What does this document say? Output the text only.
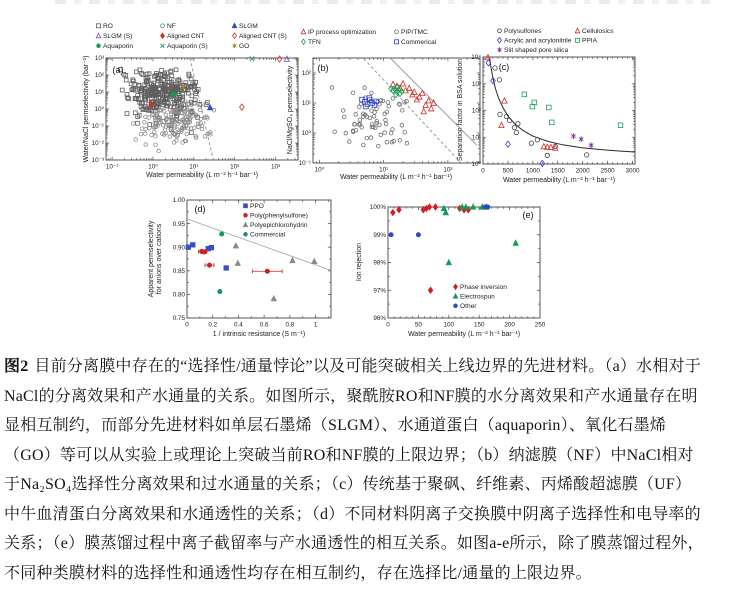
10⁻¹	10⁰	10¹	10²	10³
10³
10²
10¹
10⁰
10⁻¹
10⁻²
10⁻³
Water permeability (L m⁻² h⁻¹ bar⁻¹)
Water/NaCl permselectivity (bar⁻¹)	(a)
RO	NF	SLGM
SLGM (S)	Aligned CNT	Aligned CNT (S)
Aquaporin	Aquaporin (S)	GO
10⁰	10¹	10²
10²
10¹
10⁰
10⁻¹
Water permeability (L m⁻² h⁻¹ bar⁻¹)
NaCl/MgSO₄ permselectivity	(b)
IP process optimization	PIP/TMC
TFN	Commerical
0	500 1000 1500 2000 2500 3000
10⁴
10³
10²
10¹
10⁰
Water permeability (L m⁻² h⁻¹ bar⁻¹)
Separation factor in BSA solution	(c)
Polysulfones	Cellulosics
Acrylic and acrylonitrile PPIA
Slit shaped pore silica
0	0.2	0.4	0.6	0.8	1
1.00
0.95
0.90
0.85
0.80
0.75
1 / intrinsic resistance (S m⁻¹)
Apparent permselectivity for anions over cations
(d)	PPO
Poly(phenylsulfone)
Polyepichlorohydrin
Commercial
0	50	100	150	200	250
100%
99%
98%
97%
96%
Water permeability (L m⁻² h⁻¹ bar⁻¹)
Ion rejection
(e)
Phase inversion
Electrospun
Other
图2 目前分离膜中存在的“选择性/通量悖论”以及可能突破相关上线边界的先进材料。（a）水相对于
NaCl的分离效果和产水通量的关系。如图所示，聚酰胺RO和NF膜的水分离效果和产水通量存在明
显相互制约，而部分先进材料如单层石墨烯（SLGM）、水通道蛋白（aquaporin）、氧化石墨烯
（GO）等可以从实验上或理论上突破当前RO和NF膜的上限边界；（b）纳滤膜（NF）中NaCl相对
于Na₂SO₄选择性分离效果和过水通量的关系；（c）传统基于聚砜、纤维素、丙烯酸超滤膜（UF）
中牛血清蛋白分离效果和水通透性的关系；（d）不同材料阴离子交换膜中阴离子选择性和电导率的
关系；（e）膜蒸馏过程中离子截留率与产水通透性的相互关系。如图a-e所示，除了膜蒸馏过程外，
不同种类膜材料的选择性和通透性均存在相互制约，存在选择比/通量的上限边界。
